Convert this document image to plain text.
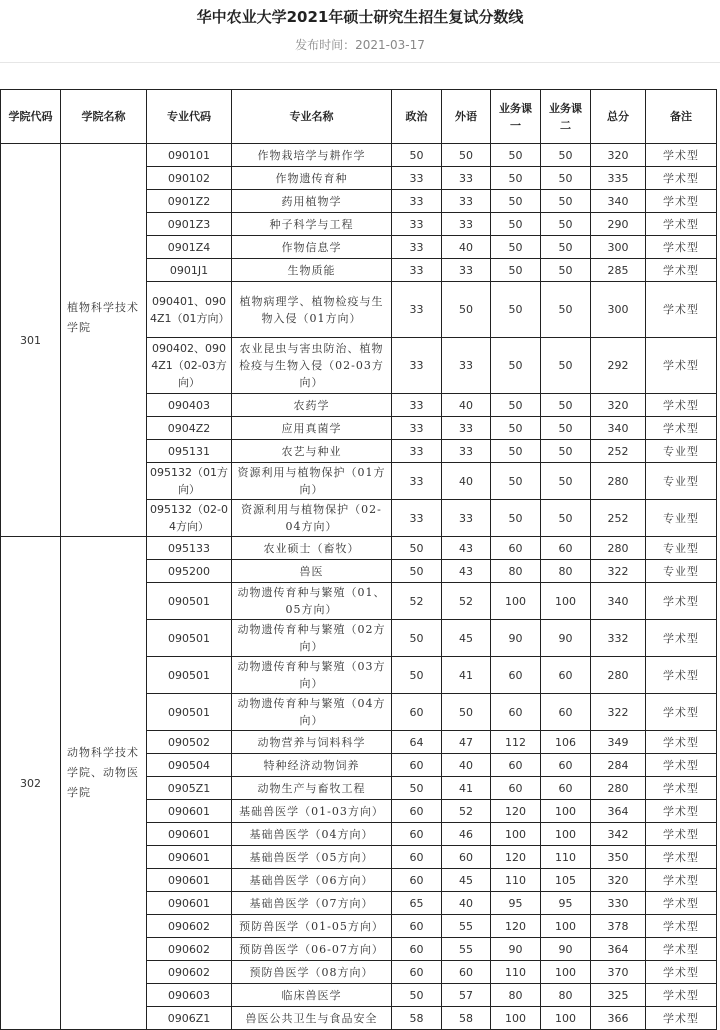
华中农业大学2021年硕士研究生招生复试分数线
发布时间：2021-03-17
学院代码	学院名称	专业代码	专业名称	政治	外语	业务课一	业务课二	总分	备注
301	植物科学技术学院	090101	作物栽培学与耕作学	50	50	50	50	320	学术型
		090102	作物遗传育种	33	33	50	50	335	学术型
		0901Z2	药用植物学	33	33	50	50	340	学术型
		0901Z3	种子科学与工程	33	33	50	50	290	学术型
		0901Z4	作物信息学	33	40	50	50	300	学术型
		0901J1	生物质能	33	33	50	50	285	学术型
		090401、0904Z1（01方向）	植物病理学、植物检疫与生物入侵（01方向）	33	50	50	50	300	学术型
		090402、0904Z1（02-03方向）	农业昆虫与害虫防治、植物检疫与生物入侵（02-03方向）	33	33	50	50	292	学术型
		090403	农药学	33	40	50	50	320	学术型
		0904Z2	应用真菌学	33	33	50	50	340	学术型
		095131	农艺与种业	33	33	50	50	252	专业型
		095132（01方向）	资源利用与植物保护（01方向）	33	40	50	50	280	专业型
		095132（02-04方向）	资源利用与植物保护（02-04方向）	33	33	50	50	252	专业型
302	动物科学技术学院、动物医学院	095133	农业硕士（畜牧）	50	43	60	60	280	专业型
		095200	兽医	50	43	80	80	322	专业型
		090501	动物遗传育种与繁殖（01、05方向）	52	52	100	100	340	学术型
		090501	动物遗传育种与繁殖（02方向）	50	45	90	90	332	学术型
		090501	动物遗传育种与繁殖（03方向）	50	41	60	60	280	学术型
		090501	动物遗传育种与繁殖（04方向）	60	50	60	60	322	学术型
		090502	动物营养与饲料科学	64	47	112	106	349	学术型
		090504	特种经济动物饲养	60	40	60	60	284	学术型
		0905Z1	动物生产与畜牧工程	50	41	60	60	280	学术型
		090601	基础兽医学（01-03方向）	60	52	120	100	364	学术型
		090601	基础兽医学（04方向）	60	46	100	100	342	学术型
		090601	基础兽医学（05方向）	60	60	120	110	350	学术型
		090601	基础兽医学（06方向）	60	45	110	105	320	学术型
		090601	基础兽医学（07方向）	65	40	95	95	330	学术型
		090602	预防兽医学（01-05方向）	60	55	120	100	378	学术型
		090602	预防兽医学（06-07方向）	60	55	90	90	364	学术型
		090602	预防兽医学（08方向）	60	60	110	100	370	学术型
		090603	临床兽医学	50	57	80	80	325	学术型
		0906Z1	兽医公共卫生与食品安全	58	58	100	100	366	学术型
